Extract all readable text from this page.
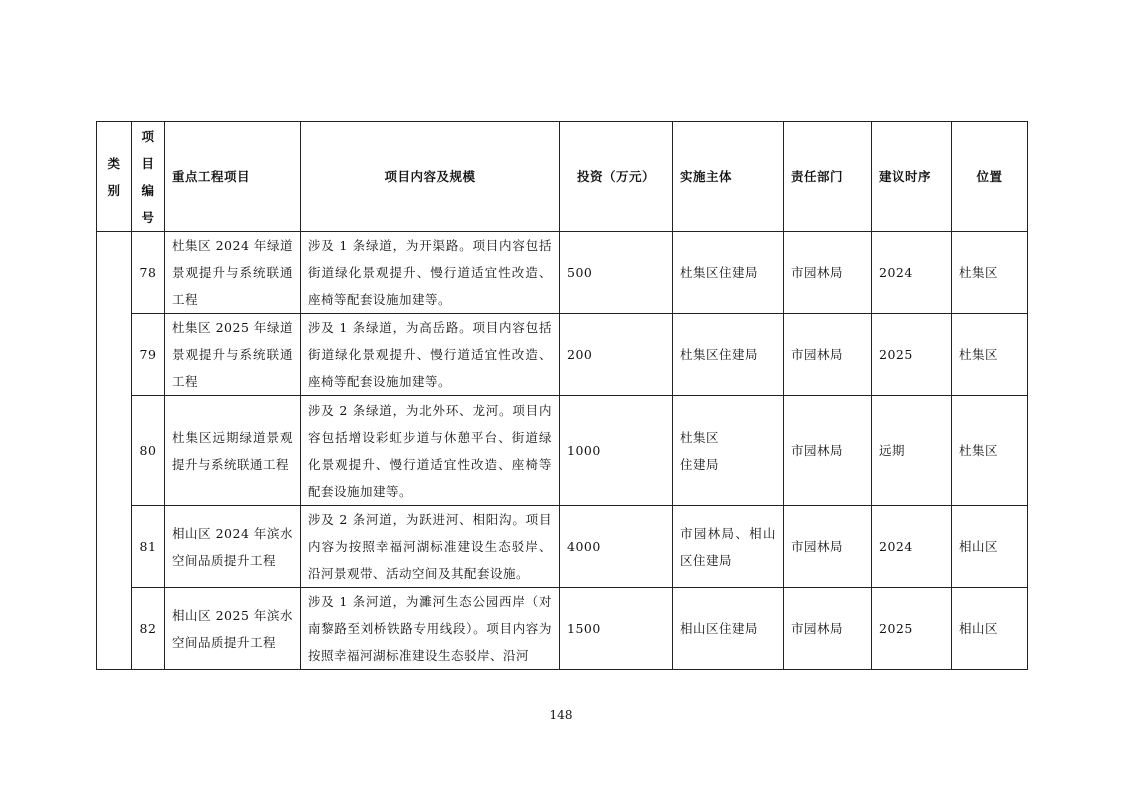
类
别	项
目
编
号	重点工程项目	项目内容及规模	投资（万元）	实施主体	责任部门	建议时序	位置
	78	杜集区 2024 年绿道景观提升与系统联通工程	涉及 1 条绿道，为开渠路。项目内容包括街道绿化景观提升、慢行道适宜性改造、座椅等配套设施加建等。	500	杜集区住建局	市园林局	2024	杜集区
	79	杜集区 2025 年绿道景观提升与系统联通工程	涉及 1 条绿道，为高岳路。项目内容包括街道绿化景观提升、慢行道适宜性改造、座椅等配套设施加建等。	200	杜集区住建局	市园林局	2025	杜集区
	80	杜集区远期绿道景观提升与系统联通工程	涉及 2 条绿道，为北外环、龙河。项目内容包括增设彩虹步道与休憩平台、街道绿化景观提升、慢行道适宜性改造、座椅等配套设施加建等。	1000	杜集区
住建局	市园林局	远期	杜集区
	81	相山区 2024 年滨水空间品质提升工程	涉及 2 条河道，为跃进河、相阳沟。项目内容为按照幸福河湖标准建设生态驳岸、沿河景观带、活动空间及其配套设施。	4000	市园林局、相山区住建局	市园林局	2024	相山区
	82	相山区 2025 年滨水空间品质提升工程	涉及 1 条河道，为濉河生态公园西岸（对南黎路至刘桥铁路专用线段）。项目内容为按照幸福河湖标准建设生态驳岸、沿河	1500	相山区住建局	市园林局	2025	相山区
148
